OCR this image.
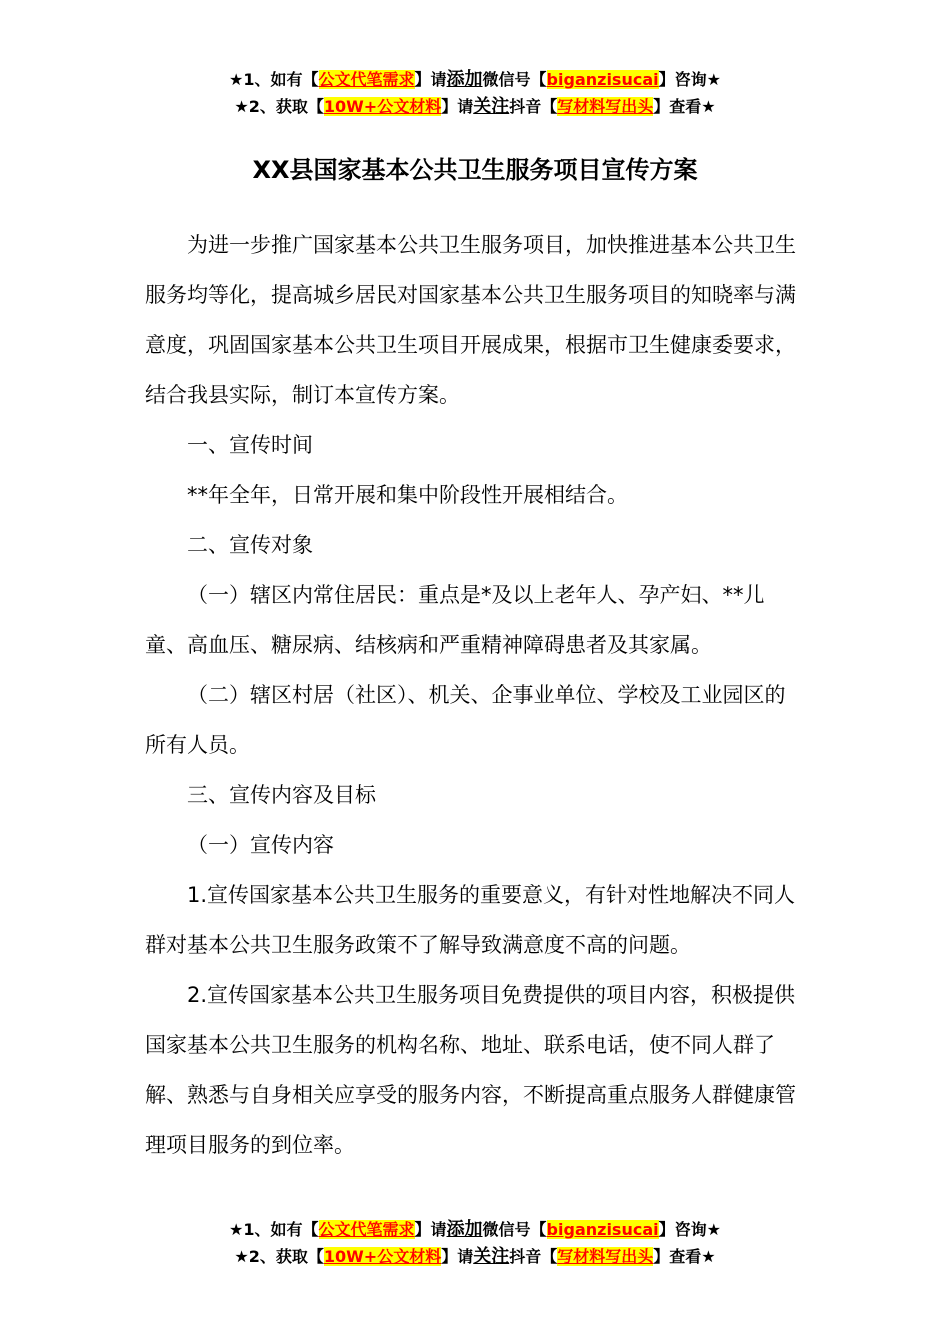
★1、如有【公文代笔需求】请添加微信号【biganzisucai】咨询★
★2、获取【10W+公文材料】请关注抖音【写材料写出头】查看★
XX县国家基本公共卫生服务项目宣传方案

为进一步推广国家基本公共卫生服务项目，加快推进基本公共卫生服务均等化，提高城乡居民对国家基本公共卫生服务项目的知晓率与满意度，巩固国家基本公共卫生项目开展成果，根据市卫生健康委要求，结合我县实际，制订本宣传方案。

一、宣传时间

**年全年，日常开展和集中阶段性开展相结合。

二、宣传对象

（一）辖区内常住居民：重点是*及以上老年人、孕产妇、**儿童、高血压、糖尿病、结核病和严重精神障碍患者及其家属。

（二）辖区村居（社区）、机关、企事业单位、学校及工业园区的所有人员。

三、宣传内容及目标

（一）宣传内容

1.宣传国家基本公共卫生服务的重要意义，有针对性地解决不同人群对基本公共卫生服务政策不了解导致满意度不高的问题。

2.宣传国家基本公共卫生服务项目免费提供的项目内容，积极提供国家基本公共卫生服务的机构名称、地址、联系电话，使不同人群了解、熟悉与自身相关应享受的服务内容，不断提高重点服务人群健康管理项目服务的到位率。

★1、如有【公文代笔需求】请添加微信号【biganzisucai】咨询★
★2、获取【10W+公文材料】请关注抖音【写材料写出头】查看★
